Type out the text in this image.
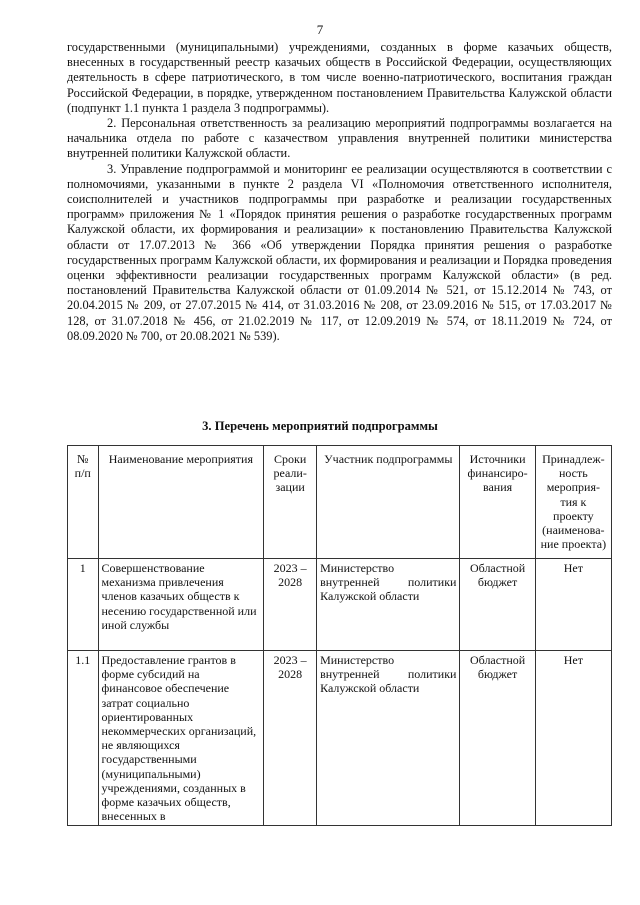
7

государственными (муниципальными) учреждениями, созданных в форме казачьих обществ, внесенных в государственный реестр казачьих обществ в Российской Федерации, осуществляющих деятельность в сфере патриотического, в том числе военно-патриотического, воспитания граждан Российской Федерации, в порядке, утвержденном постановлением Правительства Калужской области (подпункт 1.1 пункта 1 раздела 3 подпрограммы).

2. Персональная ответственность за реализацию мероприятий подпрограммы возлагается на начальника отдела по работе с казачеством управления внутренней политики министерства внутренней политики Калужской области.

3. Управление подпрограммой и мониторинг ее реализации осуществляются в соответствии с полномочиями, указанными в пункте 2 раздела VI «Полномочия ответственного исполнителя, соисполнителей и участников подпрограммы при разработке и реализации государственных программ» приложения № 1 «Порядок принятия решения о разработке государственных программ Калужской области, их формирования и реализации» к постановлению Правительства Калужской области от 17.07.2013 № 366 «Об утверждении Порядка принятия решения о разработке государственных программ Калужской области, их формирования и реализации и Порядка проведения оценки эффективности реализации государственных программ Калужской области» (в ред. постановлений Правительства Калужской области от 01.09.2014 № 521, от 15.12.2014 № 743, от 20.04.2015 № 209, от 27.07.2015 № 414, от 31.03.2016 № 208, от 23.09.2016 № 515, от 17.03.2017 № 128, от 31.07.2018 № 456, от 21.02.2019 № 117, от 12.09.2019 № 574, от 18.11.2019 № 724, от 08.09.2020 № 700, от 20.08.2021 № 539).

3. Перечень мероприятий подпрограммы
№ п/п	Наименование мероприятия	Сроки реали- зации	Участник подпрограммы	Источники финансиро- вания	Принадлеж- ность мероприя- тия к проекту (наименова- ние проекта)
1	Совершенствование механизма привлечения членов казачьих обществ к несению государственной или иной службы	2023 – 2028	Министерство внутренней политики Калужской области	Областной бюджет	Нет
1.1	Предоставление грантов в форме субсидий на финансовое обеспечение затрат социально ориентированных некоммерческих организаций, не являющихся государственными (муниципальными) учреждениями, созданных в форме казачьих обществ, внесенных в	2023 – 2028	Министерство внутренней политики Калужской области	Областной бюджет	Нет
